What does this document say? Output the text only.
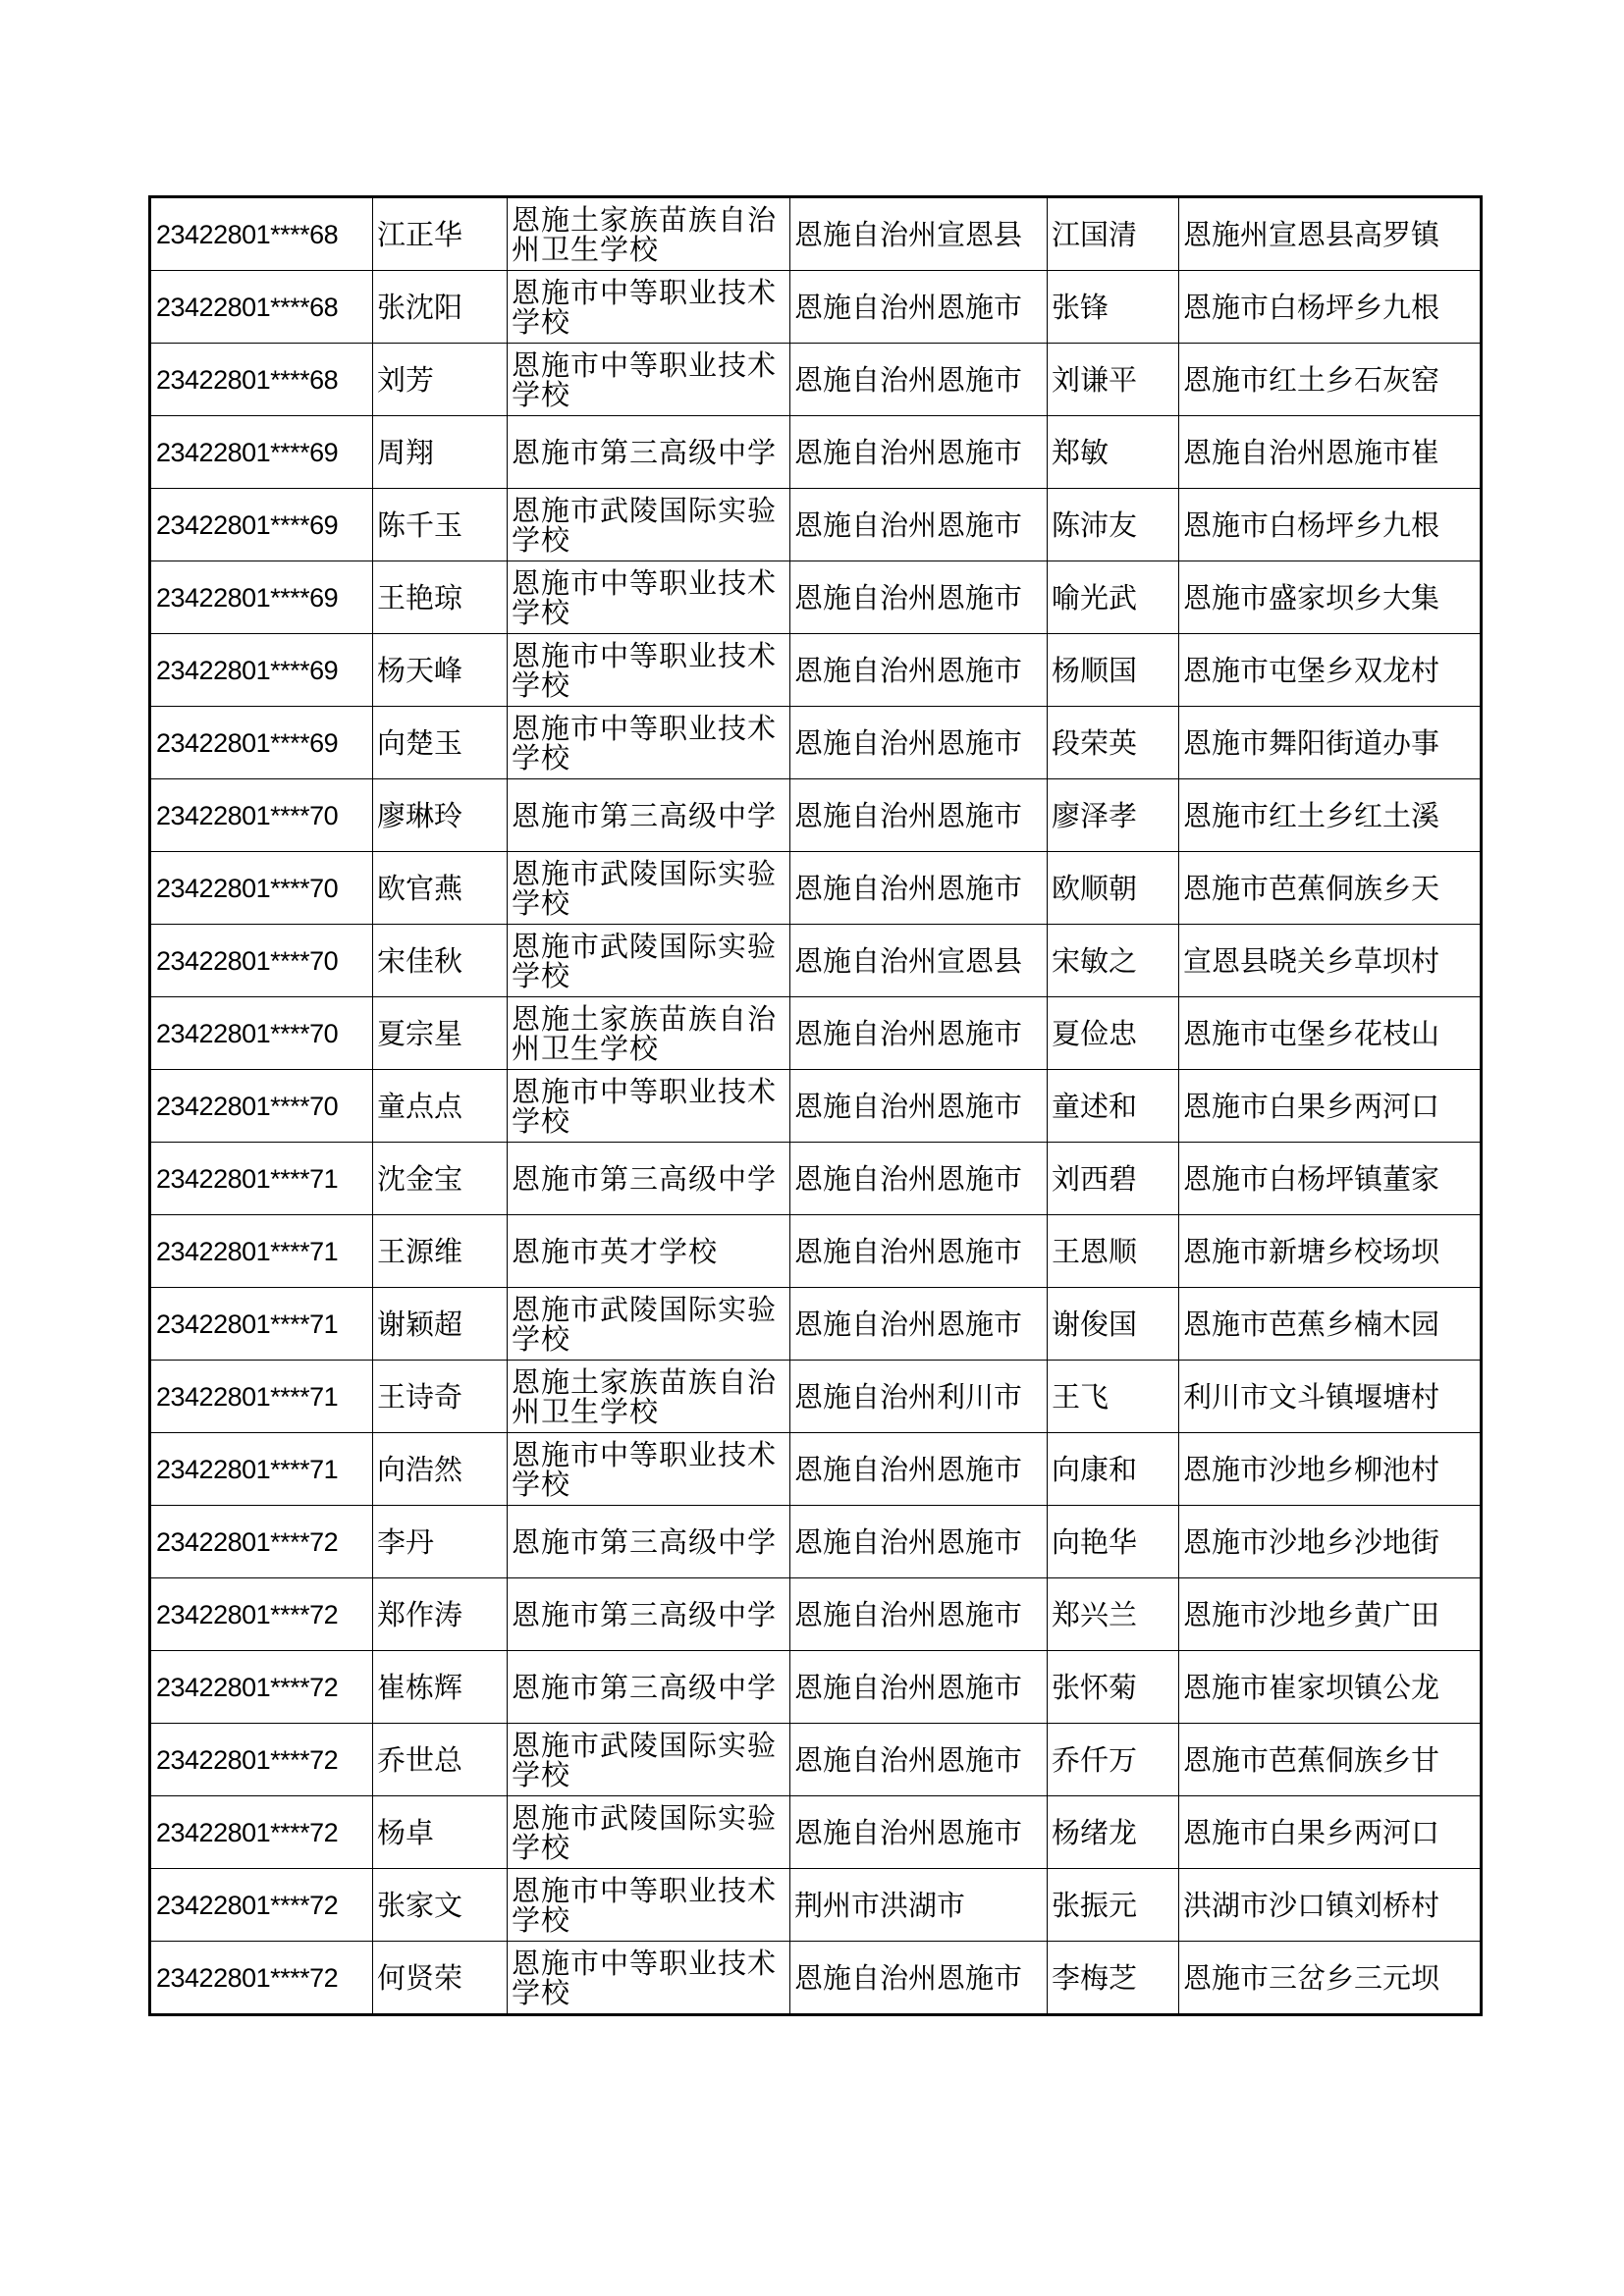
23422801****68	江正华	恩施土家族苗族自治州卫生学校	恩施自治州宣恩县	江国清	恩施州宣恩县高罗镇
23422801****68	张沈阳	恩施市中等职业技术学校	恩施自治州恩施市	张锋	恩施市白杨坪乡九根
23422801****68	刘芳	恩施市中等职业技术学校	恩施自治州恩施市	刘谦平	恩施市红土乡石灰窑
23422801****69	周翔	恩施市第三高级中学	恩施自治州恩施市	郑敏	恩施自治州恩施市崔
23422801****69	陈千玉	恩施市武陵国际实验学校	恩施自治州恩施市	陈沛友	恩施市白杨坪乡九根
23422801****69	王艳琼	恩施市中等职业技术学校	恩施自治州恩施市	喻光武	恩施市盛家坝乡大集
23422801****69	杨天峰	恩施市中等职业技术学校	恩施自治州恩施市	杨顺国	恩施市屯堡乡双龙村
23422801****69	向楚玉	恩施市中等职业技术学校	恩施自治州恩施市	段荣英	恩施市舞阳街道办事
23422801****70	廖琳玲	恩施市第三高级中学	恩施自治州恩施市	廖泽孝	恩施市红土乡红土溪
23422801****70	欧官燕	恩施市武陵国际实验学校	恩施自治州恩施市	欧顺朝	恩施市芭蕉侗族乡天
23422801****70	宋佳秋	恩施市武陵国际实验学校	恩施自治州宣恩县	宋敏之	宣恩县晓关乡草坝村
23422801****70	夏宗星	恩施土家族苗族自治州卫生学校	恩施自治州恩施市	夏俭忠	恩施市屯堡乡花枝山
23422801****70	童点点	恩施市中等职业技术学校	恩施自治州恩施市	童述和	恩施市白果乡两河口
23422801****71	沈金宝	恩施市第三高级中学	恩施自治州恩施市	刘西碧	恩施市白杨坪镇董家
23422801****71	王源维	恩施市英才学校	恩施自治州恩施市	王恩顺	恩施市新塘乡校场坝
23422801****71	谢颖超	恩施市武陵国际实验学校	恩施自治州恩施市	谢俊国	恩施市芭蕉乡楠木园
23422801****71	王诗奇	恩施土家族苗族自治州卫生学校	恩施自治州利川市	王飞	利川市文斗镇堰塘村
23422801****71	向浩然	恩施市中等职业技术学校	恩施自治州恩施市	向康和	恩施市沙地乡柳池村
23422801****72	李丹	恩施市第三高级中学	恩施自治州恩施市	向艳华	恩施市沙地乡沙地街
23422801****72	郑作涛	恩施市第三高级中学	恩施自治州恩施市	郑兴兰	恩施市沙地乡黄广田
23422801****72	崔栋辉	恩施市第三高级中学	恩施自治州恩施市	张怀菊	恩施市崔家坝镇公龙
23422801****72	乔世总	恩施市武陵国际实验学校	恩施自治州恩施市	乔仟万	恩施市芭蕉侗族乡甘
23422801****72	杨卓	恩施市武陵国际实验学校	恩施自治州恩施市	杨绪龙	恩施市白果乡两河口
23422801****72	张家文	恩施市中等职业技术学校	荆州市洪湖市	张振元	洪湖市沙口镇刘桥村
23422801****72	何贤荣	恩施市中等职业技术学校	恩施自治州恩施市	李梅芝	恩施市三岔乡三元坝
